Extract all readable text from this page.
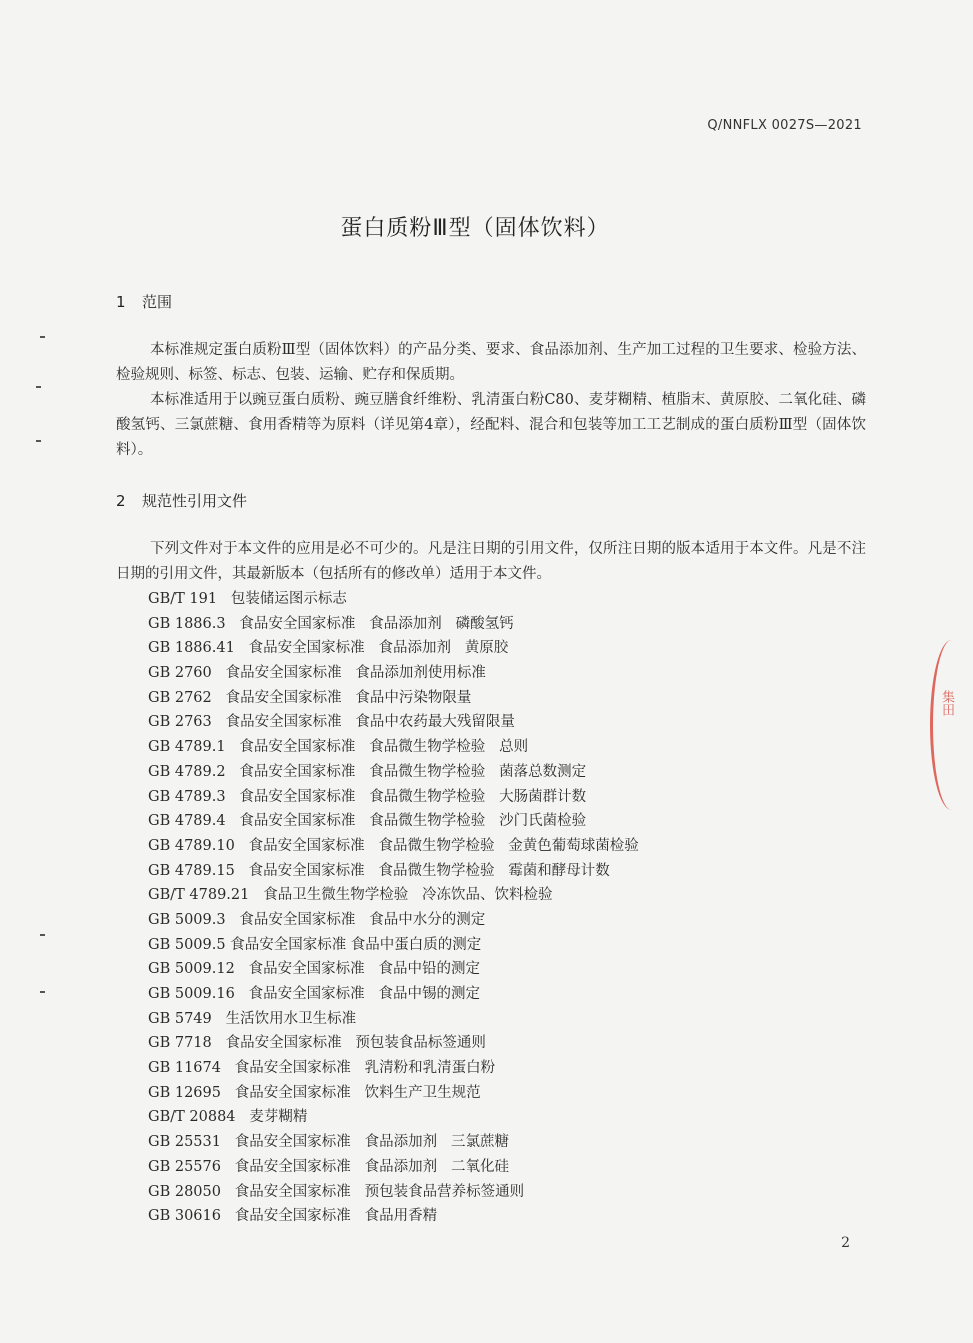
Q/NNFLX 0027S—2021
蛋白质粉Ⅲ型（固体饮料）
1 范围
本标准规定蛋白质粉Ⅲ型（固体饮料）的产品分类、要求、食品添加剂、生产加工过程的卫生要求、检验方法、检验规则、标签、标志、包装、运输、贮存和保质期。
本标准适用于以豌豆蛋白质粉、豌豆膳食纤维粉、乳清蛋白粉C80、麦芽糊精、植脂末、黄原胶、二氧化硅、磷酸氢钙、三氯蔗糖、食用香精等为原料（详见第4章），经配料、混合和包装等加工工艺制成的蛋白质粉Ⅲ型（固体饮料）。
2 规范性引用文件
下列文件对于本文件的应用是必不可少的。凡是注日期的引用文件，仅所注日期的版本适用于本文件。凡是不注日期的引用文件，其最新版本（包括所有的修改单）适用于本文件。
GB/T 191   包装储运图示标志
GB 1886.3   食品安全国家标准   食品添加剂   磷酸氢钙
GB 1886.41   食品安全国家标准   食品添加剂   黄原胶
GB 2760   食品安全国家标准   食品添加剂使用标准
GB 2762   食品安全国家标准   食品中污染物限量
GB 2763   食品安全国家标准   食品中农药最大残留限量
GB 4789.1   食品安全国家标准   食品微生物学检验   总则
GB 4789.2   食品安全国家标准   食品微生物学检验   菌落总数测定
GB 4789.3   食品安全国家标准   食品微生物学检验   大肠菌群计数
GB 4789.4   食品安全国家标准   食品微生物学检验   沙门氏菌检验
GB 4789.10   食品安全国家标准   食品微生物学检验   金黄色葡萄球菌检验
GB 4789.15   食品安全国家标准   食品微生物学检验   霉菌和酵母计数
GB/T 4789.21   食品卫生微生物学检验   冷冻饮品、饮料检验
GB 5009.3   食品安全国家标准   食品中水分的测定
GB 5009.5 食品安全国家标准 食品中蛋白质的测定
GB 5009.12   食品安全国家标准   食品中铅的测定
GB 5009.16   食品安全国家标准   食品中锡的测定
GB 5749   生活饮用水卫生标准
GB 7718   食品安全国家标准   预包装食品标签通则
GB 11674   食品安全国家标准   乳清粉和乳清蛋白粉
GB 12695   食品安全国家标准   饮料生产卫生规范
GB/T 20884   麦芽糊精
GB 25531   食品安全国家标准   食品添加剂   三氯蔗糖
GB 25576   食品安全国家标准   食品添加剂   二氧化硅
GB 28050   食品安全国家标准   预包装食品营养标签通则
GB 30616   食品安全国家标准   食品用香精
2
集田
